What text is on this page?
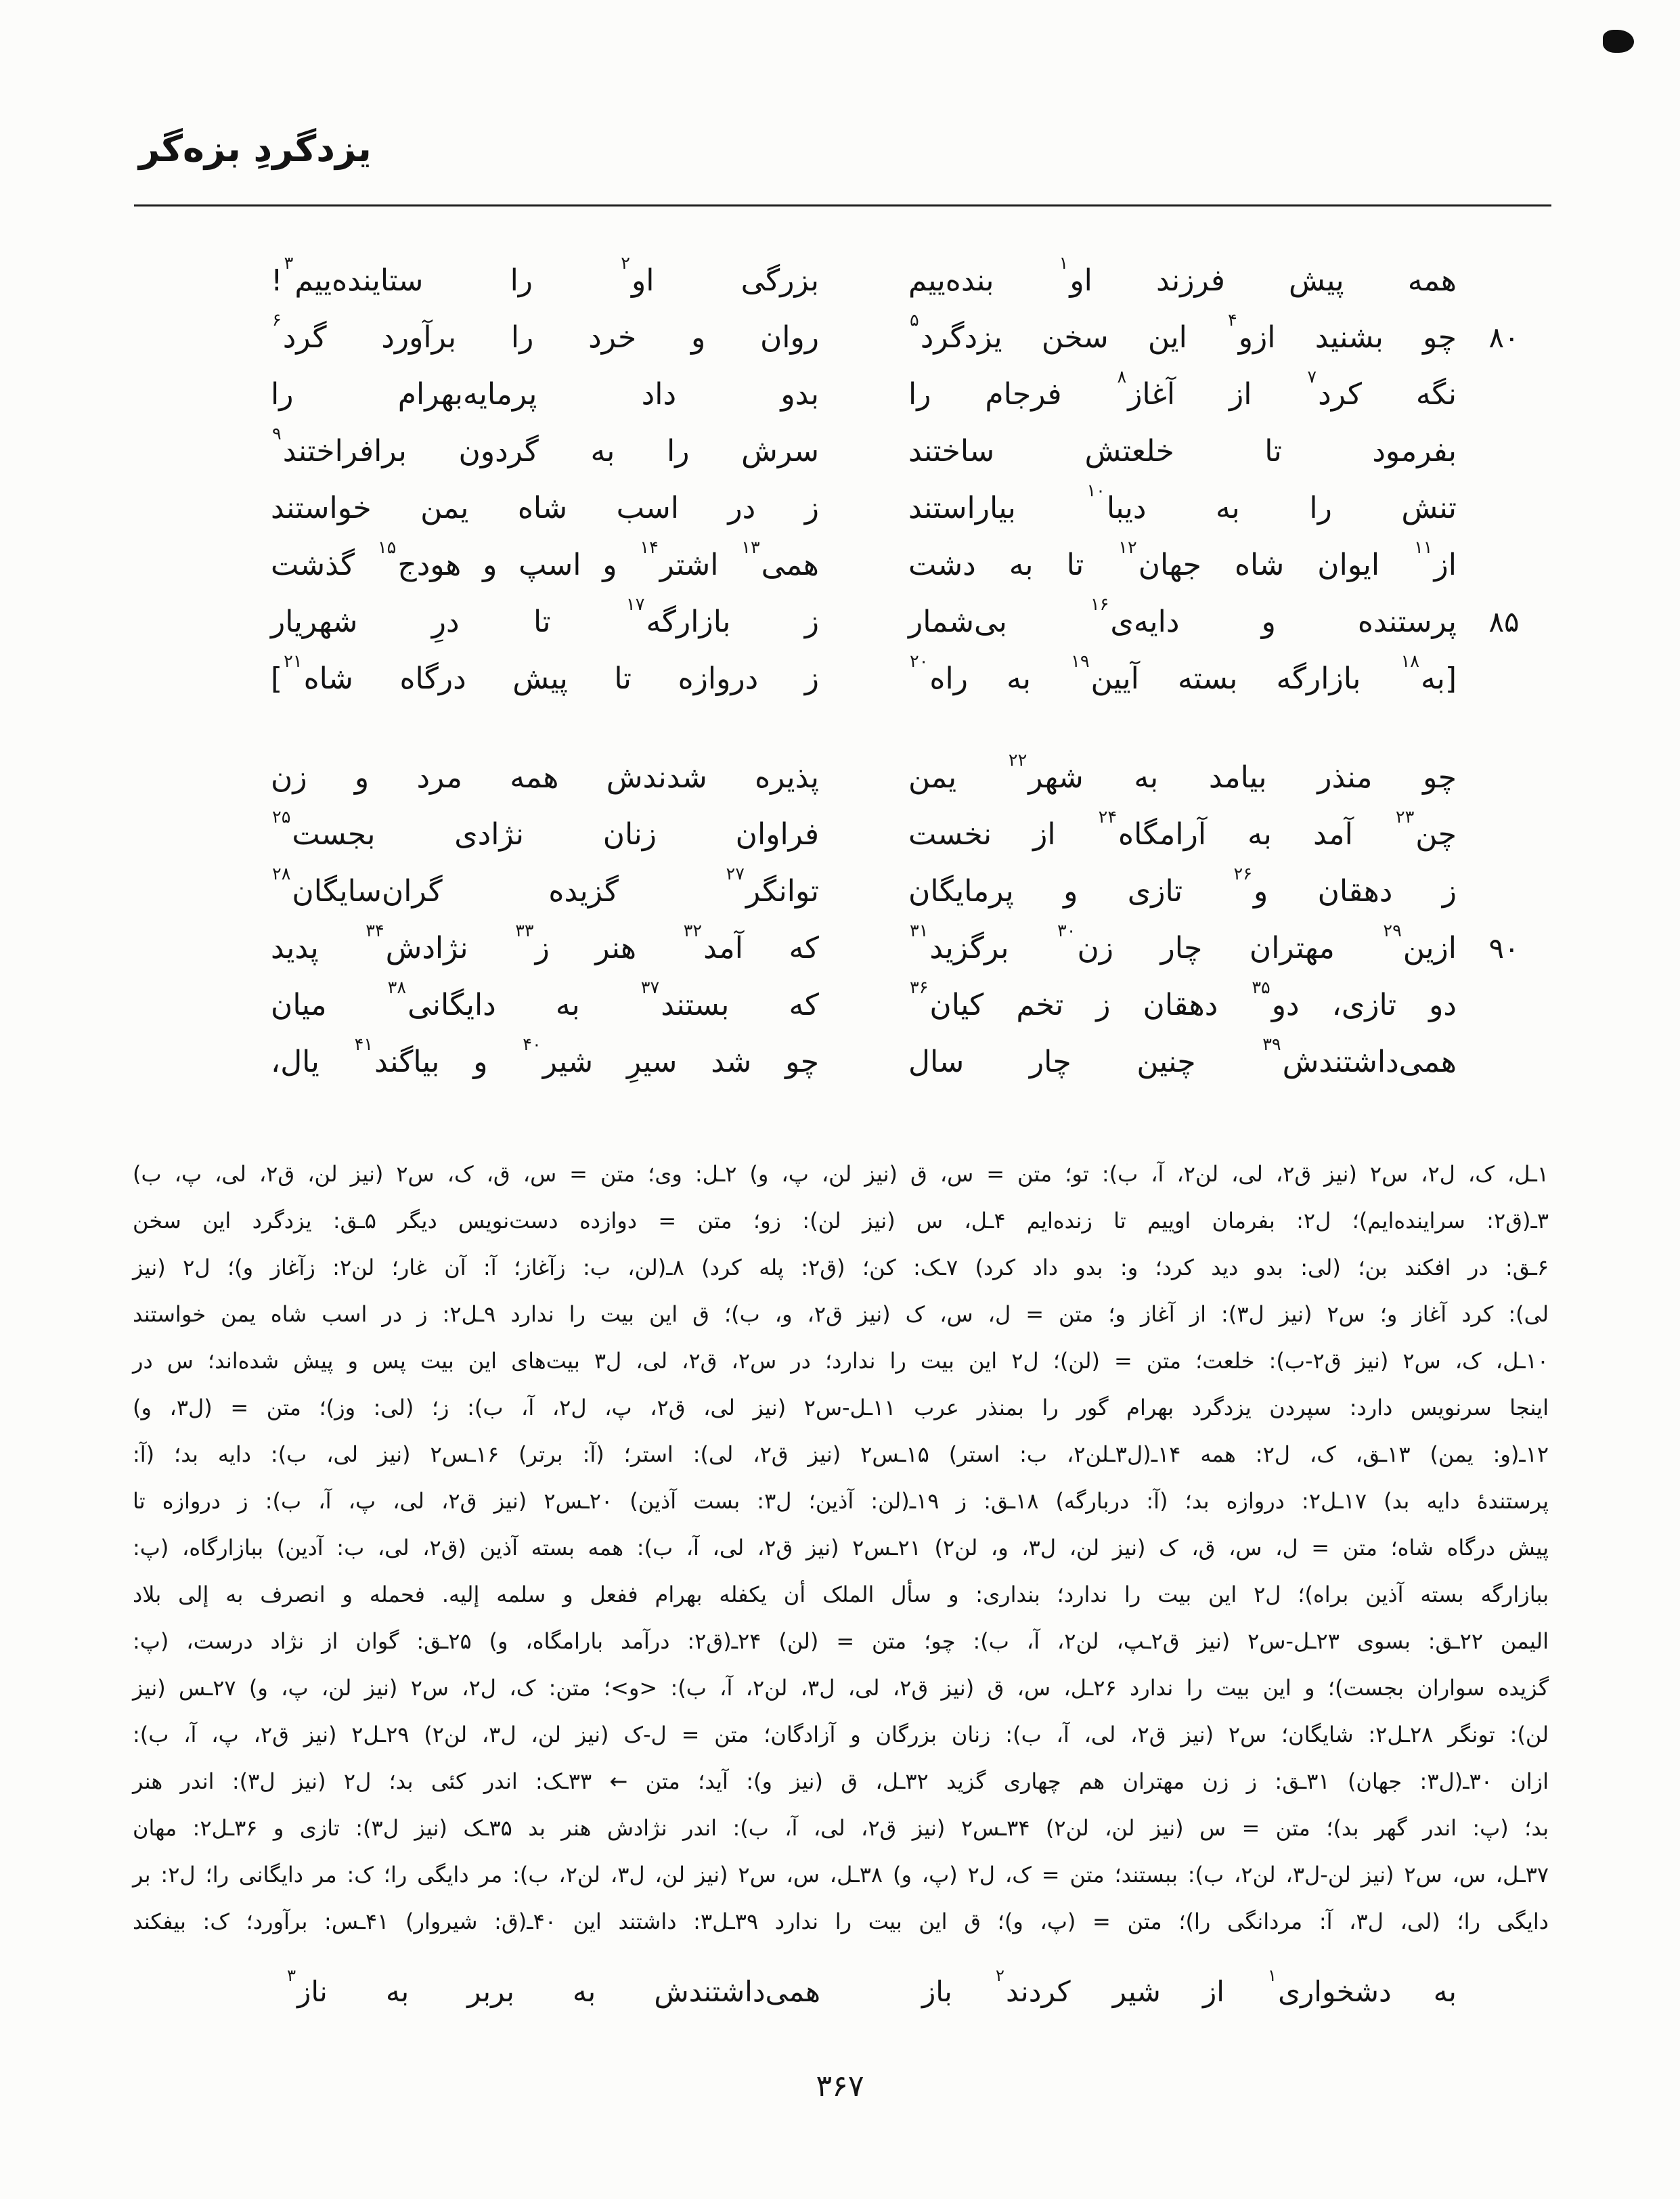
یزدگردِ بزه‌گر
همه پیش فرزند او$^۱$ بنده‌ییم
بزرگی او$^۲$ را ستاینده‌ییم$^۳$!
۸۰
چو بشنید ازو$^۴$ این سخن یزدگرد$^۵$
روان و خرد را برآورد گرد$^۶$
نگه کرد$^۷$ از آغاز$^۸$ فرجام را
بدو داد پرمایه‌بهرام را
بفرمود تا خلعتش ساختند
سرش را به گردون برافراختند$^۹$
تنش را به دیبا$^{۱۰}$ بیاراستند
ز در اسب شاه یمن خواستند
از$^{۱۱}$ ایوان شاه جهان$^{۱۲}$ تا به دشت
همی$^{۱۳}$ اشتر$^{۱۴}$ و اسپ و هودج$^{۱۵}$ گذشت
۸۵
پرستنده و دایه‌ی$^{۱۶}$ بی‌شمار
ز بازارگه$^{۱۷}$ تا درِ شهریار
[به$^{۱۸}$ بازارگه بسته آیین$^{۱۹}$ به راه$^{۲۰}$
ز دروازه تا پیش درگاه شاه$^{۲۱}$]
چو منذر بیامد به شهر$^{۲۲}$ یمن
پذیره شدندش همه مرد و زن
چن$^{۲۳}$ آمد به آرامگاه$^{۲۴}$ از نخست
فراوان زنان نژادی بجست$^{۲۵}$
ز دهقان و$^{۲۶}$ تازی و پرمایگان
توانگر$^{۲۷}$ گزیده گران‌سایگان$^{۲۸}$
۹۰
ازین$^{۲۹}$ مهتران چار زن$^{۳۰}$ برگزید$^{۳۱}$
که آمد$^{۳۲}$ هنر ز$^{۳۳}$ نژادش$^{۳۴}$ پدید
دو تازی، دو$^{۳۵}$ دهقان ز تخم کیان$^{۳۶}$
که بستند$^{۳۷}$ به دایگانی$^{۳۸}$ میان
همی‌داشتندش$^{۳۹}$ چنین چار سال
چو شد سیرِ شیر$^{۴۰}$ و بیاگند$^{۴۱}$ یال،
۱ـل، ک، ل۲، س۲ (نیز ق۲، لی، لن۲، آ، ب): تو؛ متن = س، ق (نیز لن، پ، و) ۲ـل: وی؛ متن = س، ق، ک، س۲ (نیز لن، ق۲، لی، پ، ب)
۳ـ(ق۲: سراینده‌ایم)؛ ل۲: بفرمان اوییم تا زنده‌ایم ۴ـل، س (نیز لن): زو؛ متن = دوازده دست‌نویس دیگر ۵ـق: یزدگرد این سخن
۶ـق: در افکند بن؛ (لی: بدو دید کرد؛ و: بدو داد کرد) ۷ـک: کن؛ (ق۲: پله کرد) ۸ـ(لن، ب: زآغاز؛ آ: آن غار؛ لن۲: زآغاز و)؛ ل۲ (نیز
لی): کرد آغاز و؛ س۲ (نیز ل۳): از آغاز و؛ متن = ل، س، ک (نیز ق۲، و، ب)؛ ق این بیت را ندارد ۹ـل۲: ز در اسب شاه یمن خواستند
۱۰ـل، ک، س۲ (نیز ق۲-ب): خلعت؛ متن = (لن)؛ ل۲ این بیت را ندارد؛ در س۲، ق۲، لی، ل۳ بیت‌های این بیت پس و پیش شده‌اند؛ س در
اینجا سرنویس دارد: سپردن یزدگرد بهرام گور را بمنذر عرب ۱۱ـل-س۲ (نیز لی، ق۲، پ، ل۲، آ، ب): ز؛ (لی: وز)؛ متن = (ل۳، و)
۱۲ـ(و: یمن) ۱۳ـق، ک، ل۲: همه ۱۴ـ(ل۳ـلن۲، ب: استر) ۱۵ـس۲ (نیز ق۲، لی): استر؛ (آ: برتر) ۱۶ـس۲ (نیز لی، ب): دایه بد؛ (آ:
پرستندهٔ دایه بد) ۱۷ـل۲: دروازه بد؛ (آ: دربارگه) ۱۸ـق: ز ۱۹ـ(لن: آذین؛ ل۳: بست آذین) ۲۰ـس۲ (نیز ق۲، لی، پ، آ، ب): ز دروازه تا
پیش درگاه شاه؛ متن = ل، س، ق، ک (نیز لن، ل۳، و، لن۲) ۲۱ـس۲ (نیز ق۲، لی، آ، ب): همه بسته آذین (ق۲، لی، ب: آدین) ببازارگاه، (پ:
ببازارگه بسته آذین براه)؛ ل۲ این بیت را ندارد؛ بنداری: و سأل الملک أن یکفله بهرام ففعل و سلمه إلیه. فحمله و انصرف به إلی بلاد
الیمن ۲۲ـق: بسوی ۲۳ـل-س۲ (نیز ق۲ـپ، لن۲، آ، ب): چو؛ متن = (لن) ۲۴ـ(ق۲: درآمد بارامگاه، و) ۲۵ـق: گوان از نژاد درست، (پ:
گزیده سواران بجست)؛ و این بیت را ندارد ۲۶ـل، س، ق (نیز ق۲، لی، ل۳، لن۲، آ، ب): <و>؛ متن: ک، ل۲، س۲ (نیز لن، پ، و) ۲۷ـس (نیز
لن): تونگر ۲۸ـل۲: شایگان؛ س۲ (نیز ق۲، لی، آ، ب): زنان بزرگان و آزادگان؛ متن = ل-ک (نیز لن، ل۳، لن۲) ۲۹ـل۲ (نیز ق۲، پ، آ، ب):
ازان ۳۰ـ(ل۳: جهان) ۳۱ـق: ز زن مهتران هم چهاری گزید ۳۲ـل، ق (نیز و): آید؛ متن ← ۳۳ـک: اندر کئی بد؛ ل۲ (نیز ل۳): اندر هنر
بد؛ (پ: اندر گهر بد)؛ متن = س (نیز لن، لن۲) ۳۴ـس۲ (نیز ق۲، لی، آ، ب): اندر نژادش هنر بد ۳۵ـک (نیز ل۳): تازی و ۳۶ـل۲: مهان
۳۷ـل، س، س۲ (نیز لن-ل۳، لن۲، ب): ببستند؛ متن = ک، ل۲ (پ، و) ۳۸ـل، س، س۲ (نیز لن، ل۳، لن۲، ب): مر دایگی را؛ ک: مر دایگانی را؛ ل۲: بر
دایگی را؛ (لی، ل۳، آ: مردانگی را)؛ متن = (پ، و)؛ ق این بیت را ندارد ۳۹ـل۳: داشتند این ۴۰ـ(ق: شیروار) ۴۱ـس: برآورد؛ ک: بیفکند
به دشخواری$^۱$ از شیر کردند$^۲$ باز
همی‌داشتندش به بربر به ناز$^۳$
۳۶۷
